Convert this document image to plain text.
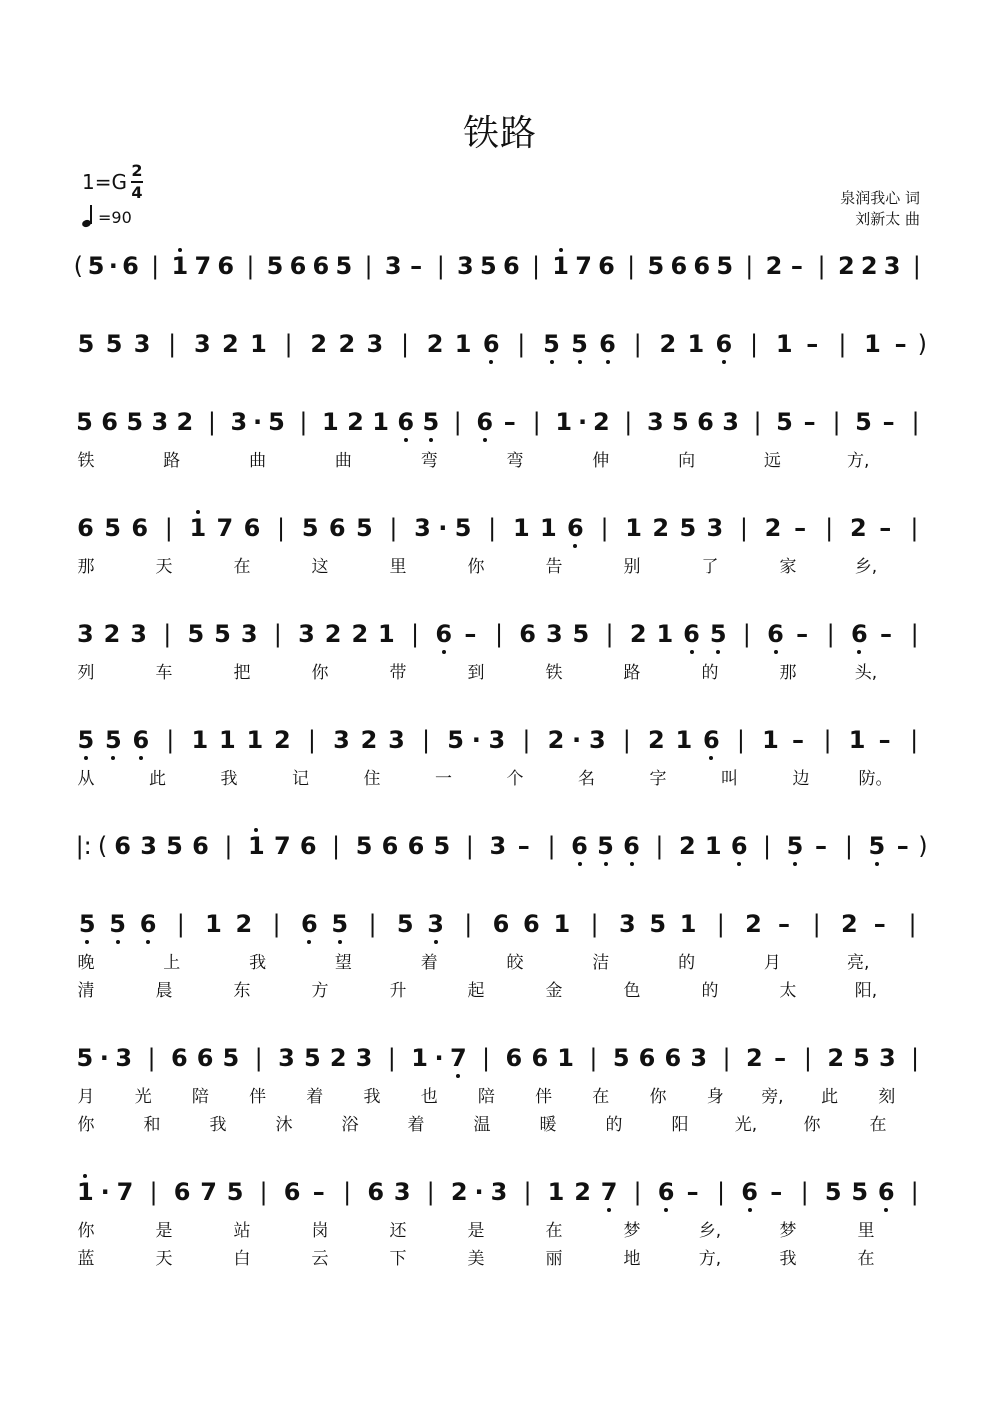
铁路
$1=G \frac{2}{4}$
=90
泉润我心 词
刘新太 曲
( 5 · 6 | 1 7 6 | 5 6 6 5 | 3 – | 3 5 6 | 1 7 6 | 5 6 6 5 | 2 – | 2 2 3 |
5 5 3 | 3 2 1 | 2 2 3 | 2 1 6 | 5 5 6 | 2 1 6 | 1 – | 1 – )
5 6 5 3 2 | 3 · 5 | 1 2 1 6 5 | 6 – | 1 · 2 | 3 5 6 3 | 5 – | 5 – |
铁	路	曲	曲	弯	弯	伸	向	远	方,
6 5 6 | 1 7 6 | 5 6 5 | 3 · 5 | 1 1 6 | 1 2 5 3 | 2 – | 2 – |
那	天	在	这	里	你	告	别	了	家	乡,
3 2 3 | 5 5 3 | 3 2 2 1 | 6 – | 6 3 5 | 2 1 6 5 | 6 – | 6 – |
列	车	把	你	带	到	铁	路	的	那	头,
5 5 6 | 1 1 1 2 | 3 2 3 | 5 · 3 | 2 · 3 | 2 1 6 | 1 – | 1 – |
从	此	我	记	住	一	个	名	字	叫	边	防。
|: ( 6 3 5 6 | 1 7 6 | 5 6 6 5 | 3 – | 6 5 6 | 2 1 6 | 5 – | 5 – )
5 5 6 | 1 2 | 6 5 | 5 3 | 6 6 1 | 3 5 1 | 2 – | 2 – |
晚	上	我	望	着	皎	洁	的	月	亮,
清	晨	东	方	升	起	金	色	的	太	阳,
5 · 3 | 6 6 5 | 3 5 2 3 | 1 · 7 | 6 6 1 | 5 6 6 3 | 2 – | 2 5 3 |
月	光	陪	伴	着	我	也	陪	伴	在	你	身	旁,	此	刻
你	和	我	沐	浴	着	温	暖	的	阳	光,	你	在
1 · 7 | 6 7 5 | 6 – | 6 3 | 2 · 3 | 1 2 7 | 6 – | 6 – | 5 5 6 |
你	是	站	岗	还	是	在	梦	乡,	梦	里
蓝	天	白	云	下	美	丽	地	方,	我	在
